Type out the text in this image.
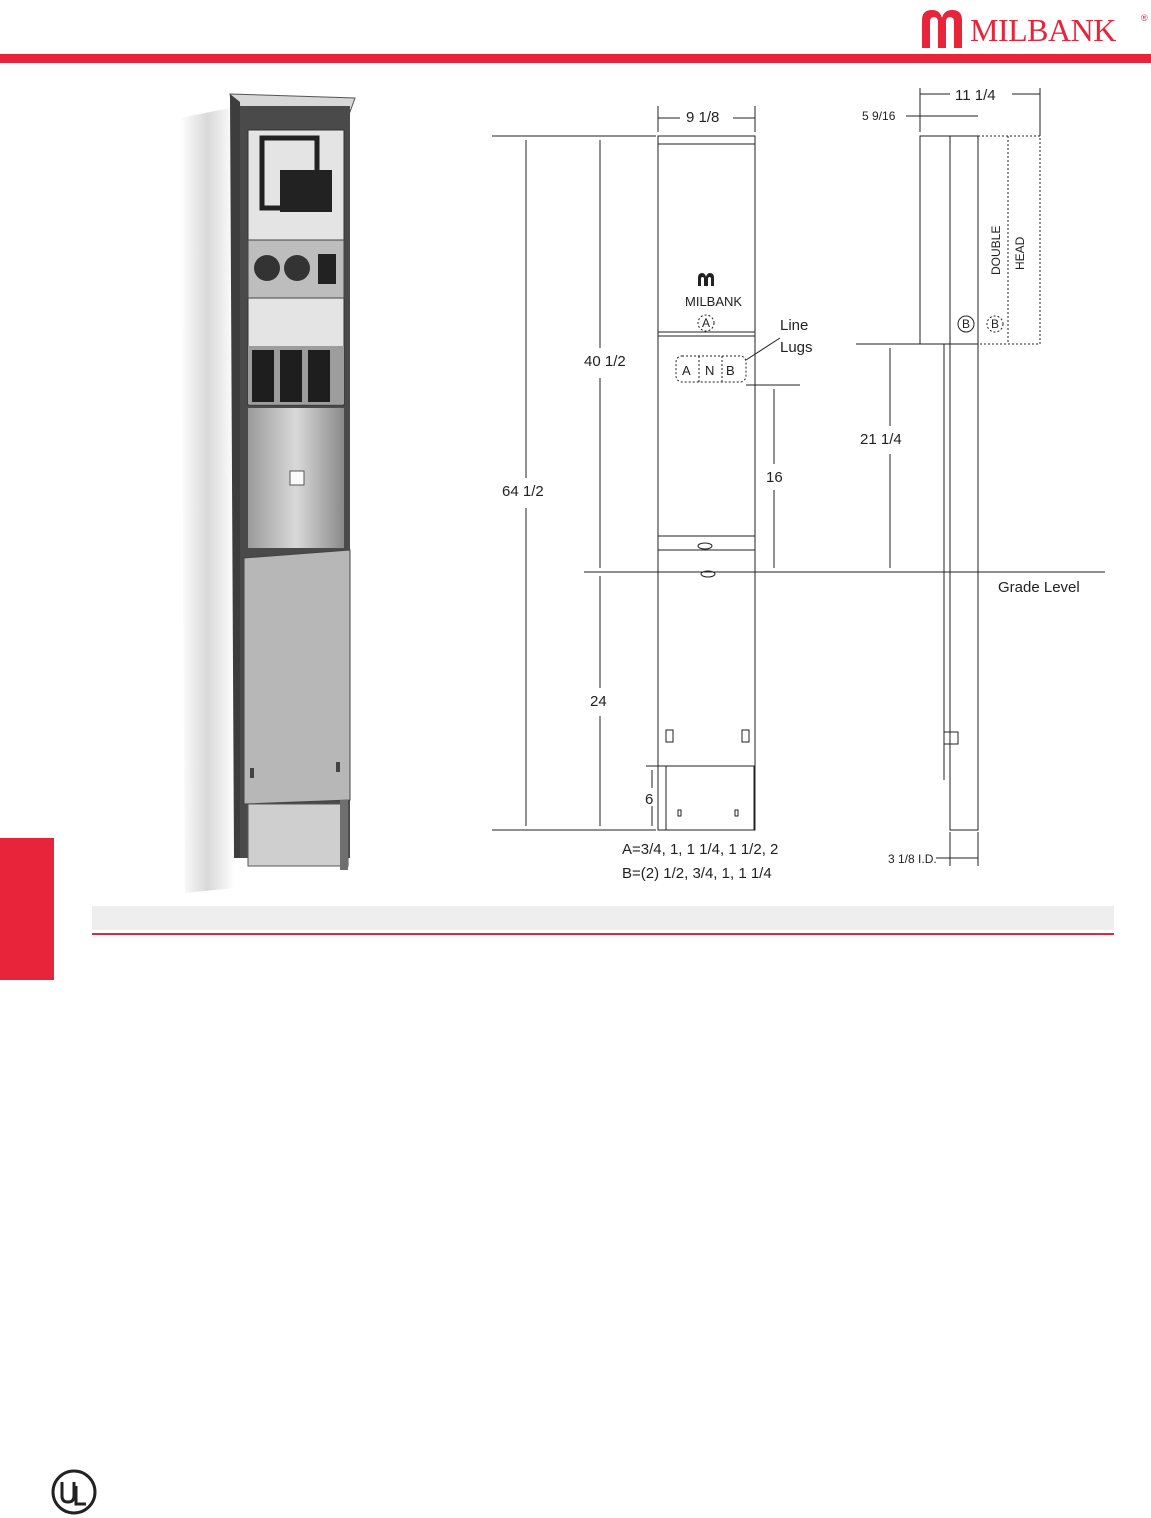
MILBANK	®
MILBANK
A
A N B
Line
Lugs
9 1/8
64 1/2
40 1/2
16
24
6
A=3/4, 1, 1 1/4, 1 1/2, 2
B=(2) 1/2, 3/4, 1, 1 1/4
11 1/4
5 9/16
DOUBLE HEAD
B B
21 1/4
Grade Level
3 1/8 I.D.
